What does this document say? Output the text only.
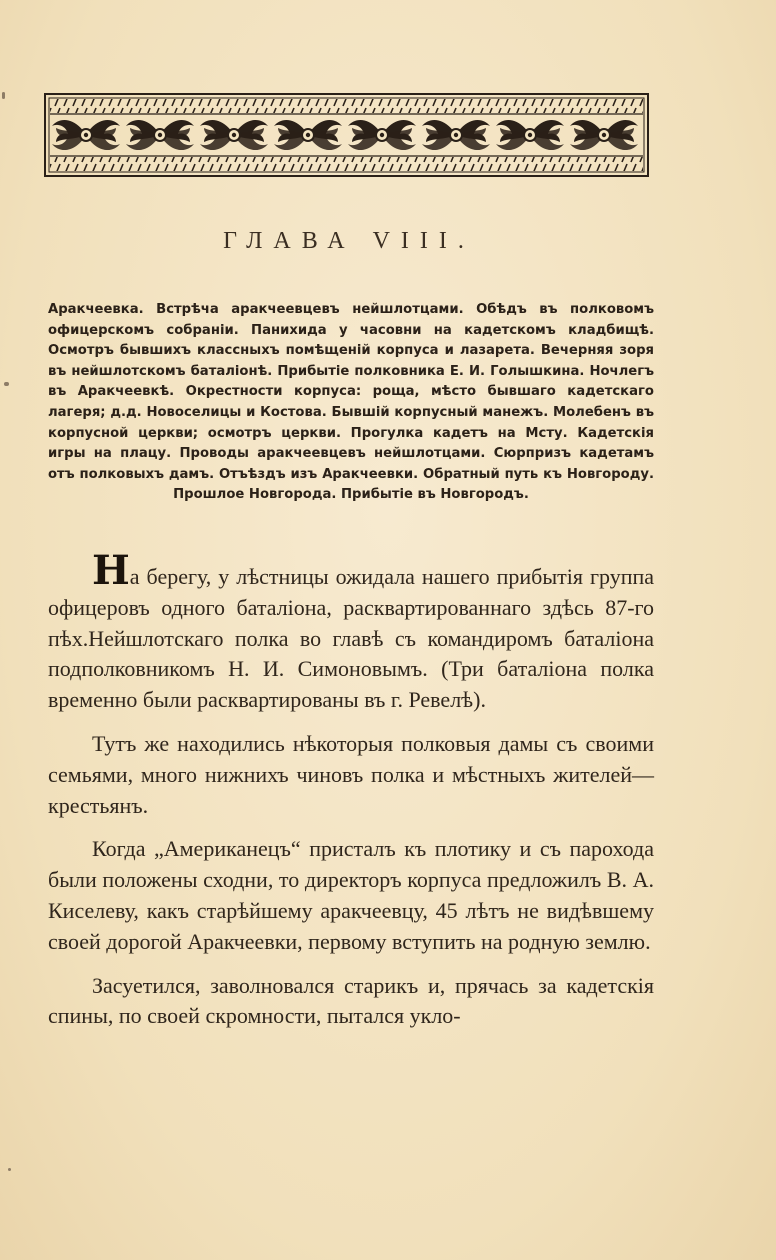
ГЛАВА VIII.
Аракчеевка. Встрѣча аракчеевцевъ нейшлотцами. Обѣдъ въ полковомъ офицерскомъ собраніи. Панихида у часовни на кадетскомъ кладбищѣ. Осмотръ бывшихъ классныхъ помѣщеній корпуса и лазарета. Вечерняя зоря въ нейшлотскомъ баталіонѣ. Прибытіе полковника Е. И. Голышкина. Ночлегъ въ Аракчеевкѣ. Окрестности корпуса: роща, мѣсто бывшаго кадетскаго лагеря; д.д. Новоселицы и Костова. Бывшій корпусный манежъ. Молебенъ въ корпусной церкви; осмотръ церкви. Прогулка кадетъ на Мсту. Кадетскія игры на плацу. Проводы аракчеевцевъ нейшлотцами. Сюрпризъ кадетамъ отъ полковыхъ дамъ. Отъѣздъ изъ Аракчеевки. Обратный путь къ Новгороду. Прошлое Новгорода. Прибытіе въ Новгородъ.

На берегу, у лѣстницы ожидала нашего прибытія группа офицеровъ одного баталіона, расквартированнаго здѣсь 87-го пѣх.Нейшлотскаго полка во главѣ съ командиромъ баталіона подполковникомъ Н. И. Симоновымъ. (Три баталіона полка временно были расквартированы въ г. Ревелѣ).

Тутъ же находились нѣкоторыя полковыя дамы съ своими семьями, много нижнихъ чиновъ полка и мѣстныхъ жителей—крестьянъ.

Когда „Американецъ“ присталъ къ плотику и съ парохода были положены сходни, то директоръ корпуса предложилъ В. А. Киселеву, какъ старѣйшему аракчеевцу, 45 лѣтъ не видѣвшему своей дорогой Аракчеевки, первому вступить на родную землю.

Засуетился, заволновался старикъ и, прячась за кадетскія спины, по своей скромности, пытался укло-
